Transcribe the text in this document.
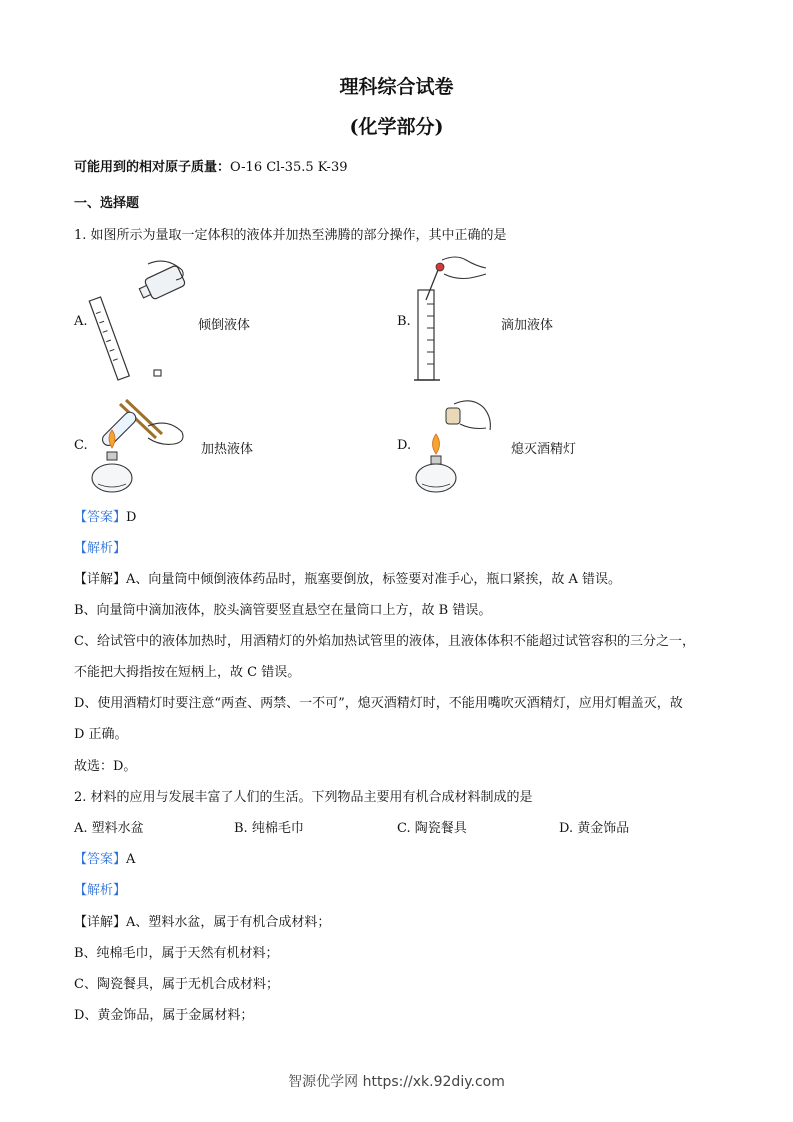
理科综合试卷
(化学部分)
可能用到的相对原子质量：O-16 Cl-35.5 K-39
一、选择题
1. 如图所示为量取一定体积的液体并加热至沸腾的部分操作，其中正确的是
A.	倾倒液体	B.	滴加液体
C.	加热液体	D.	熄灭酒精灯
【答案】D
【解析】
【详解】A、向量筒中倾倒液体药品时，瓶塞要倒放，标签要对准手心，瓶口紧挨，故 A 错误。
B、向量筒中滴加液体，胶头滴管要竖直悬空在量筒口上方，故 B 错误。
C、给试管中的液体加热时，用酒精灯的外焰加热试管里的液体，且液体体积不能超过试管容积的三分之一，
不能把大拇指按在短柄上，故 C 错误。
D、使用酒精灯时要注意“两查、两禁、一不可”，熄灭酒精灯时，不能用嘴吹灭酒精灯，应用灯帽盖灭，故
D 正确。
故选：D。
2. 材料的应用与发展丰富了人们的生活。下列物品主要用有机合成材料制成的是
A. 塑料水盆	B. 纯棉毛巾	C. 陶瓷餐具	D. 黄金饰品
【答案】A
【解析】
【详解】A、塑料水盆，属于有机合成材料；
B、纯棉毛巾，属于天然有机材料；
C、陶瓷餐具，属于无机合成材料；
D、黄金饰品，属于金属材料；
智源优学网 https://xk.92diy.com
